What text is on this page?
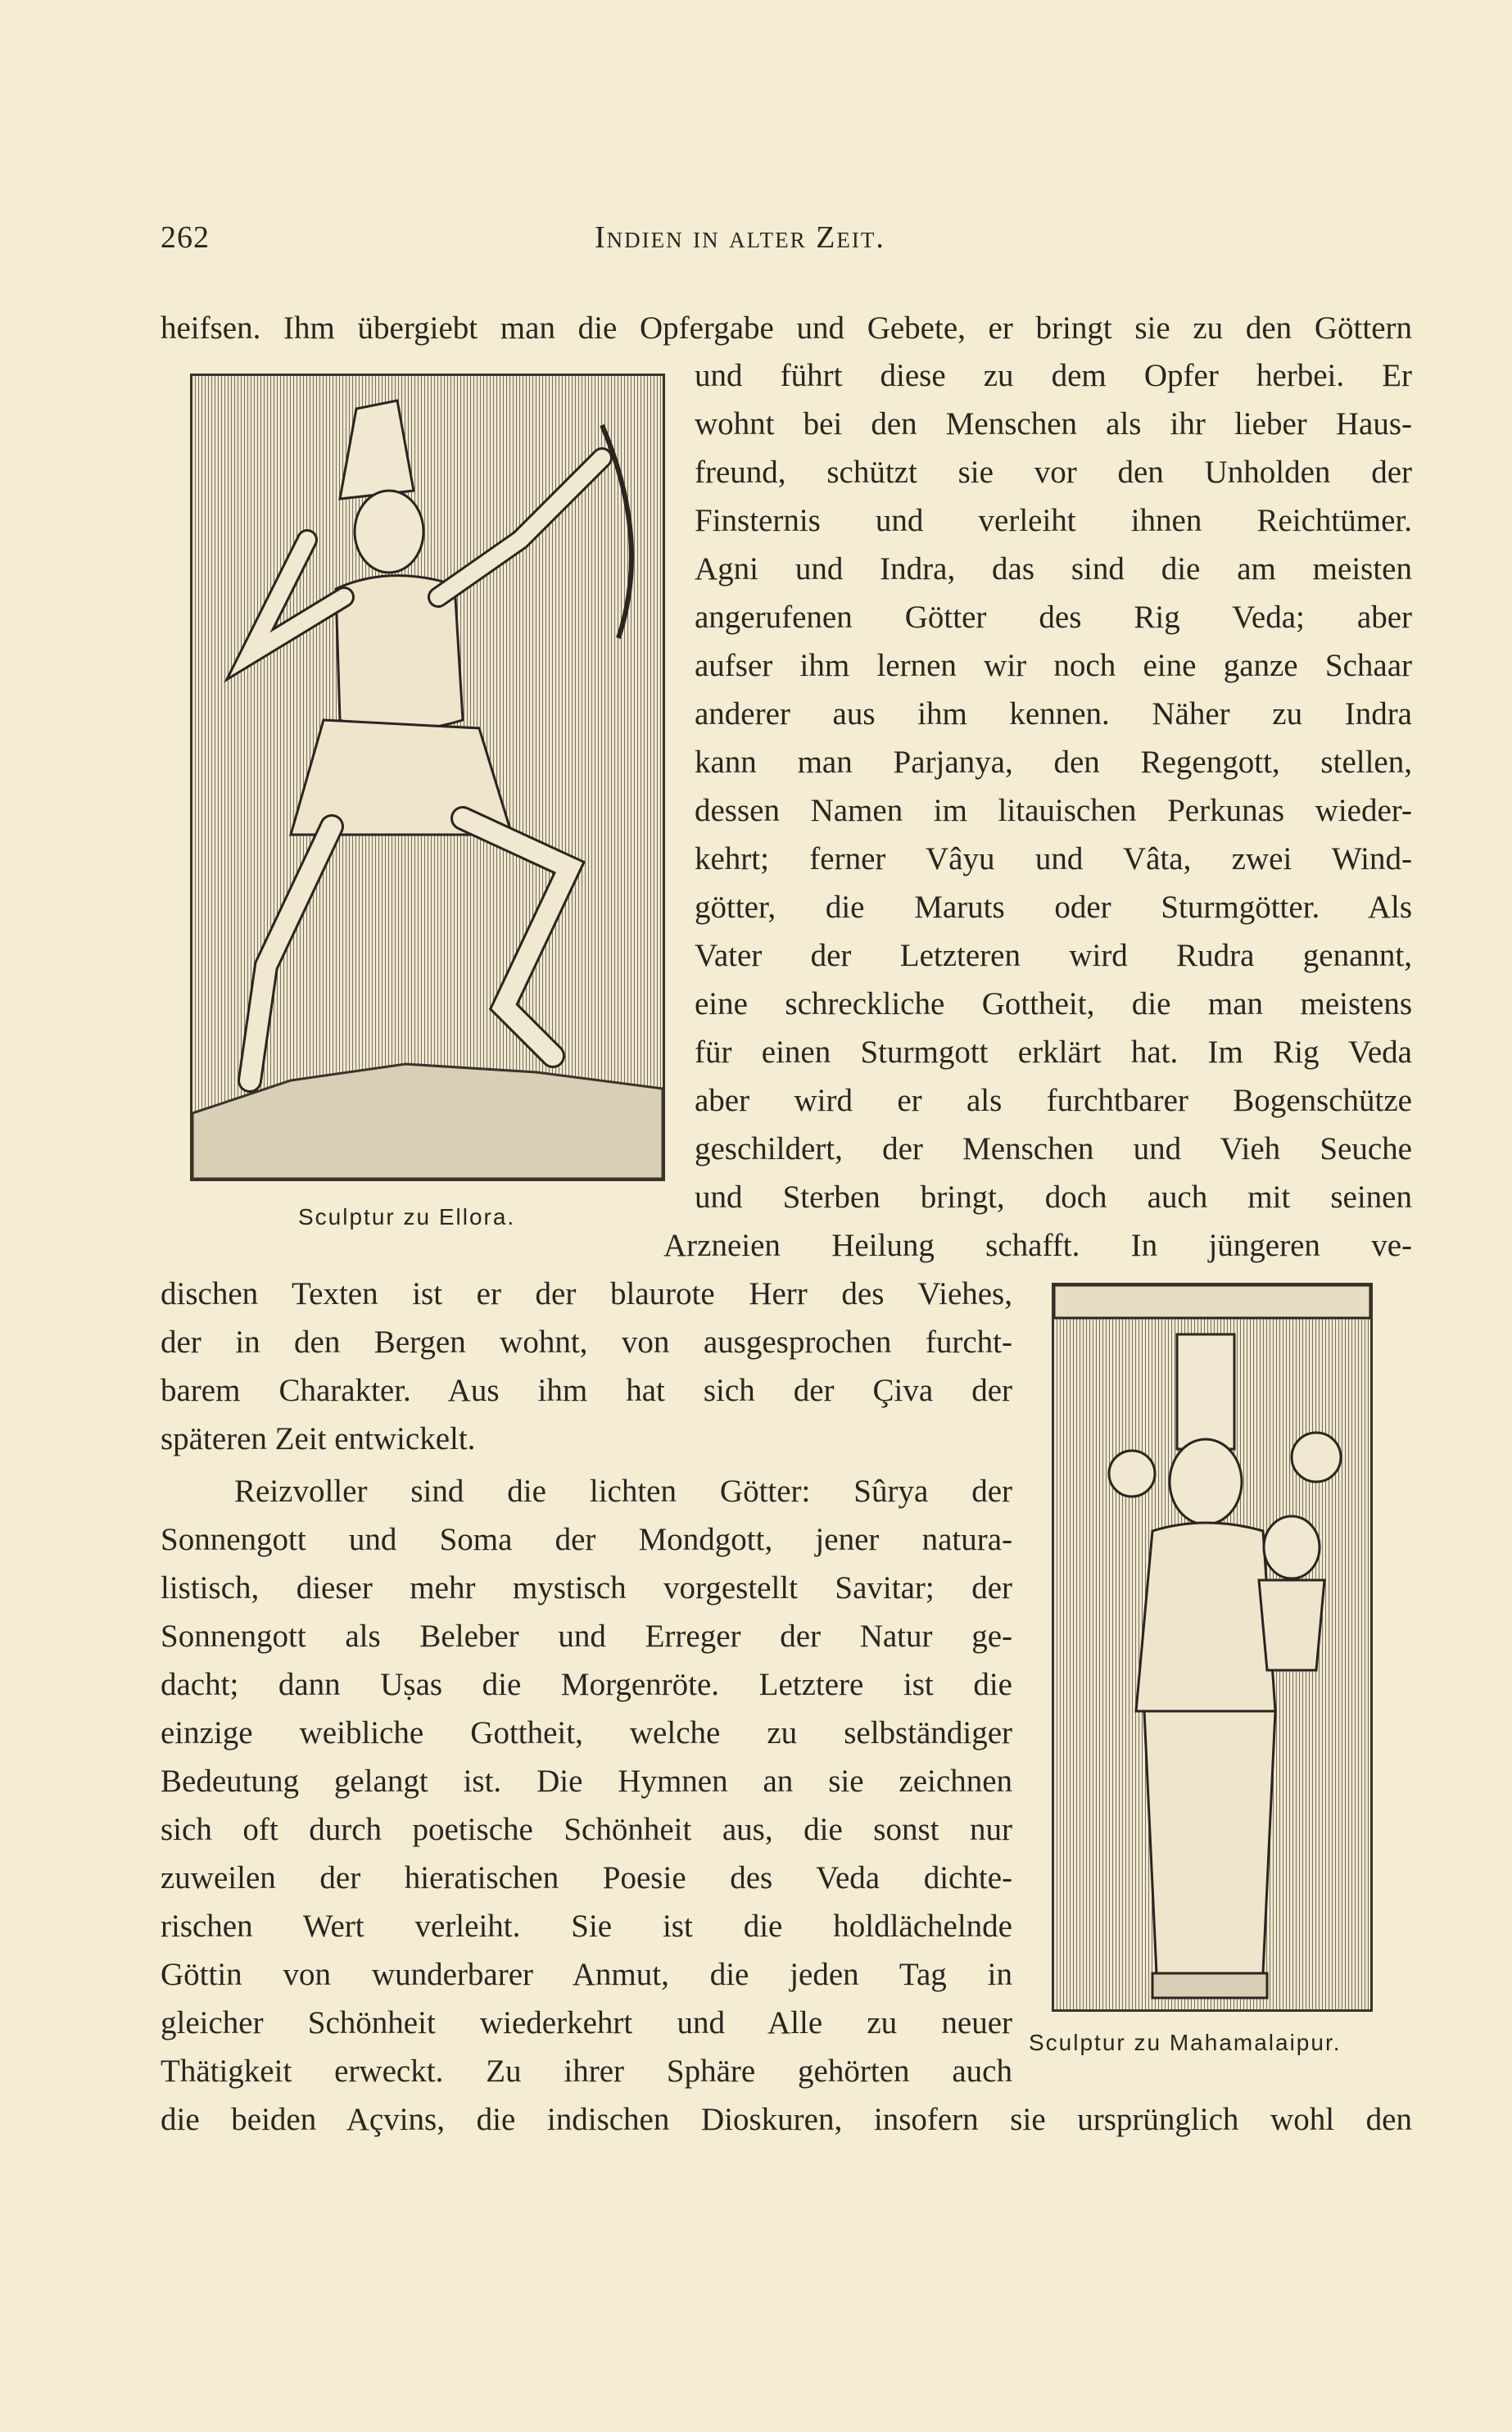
262	Indien in alter Zeit.
Sculptur zu Ellora.
Sculptur zu Mahamalaipur.
heifsen. Ihm übergiebt man die Opfergabe und Gebete, er bringt sie zu den Göttern
und führt diese zu dem Opfer herbei. Er
wohnt bei den Menschen als ihr lieber Haus-
freund, schützt sie vor den Unholden der
Finsternis und verleiht ihnen Reichtümer.
Agni und Indra, das sind die am meisten
angerufenen Götter des Rig Veda; aber
aufser ihm lernen wir noch eine ganze Schaar
anderer aus ihm kennen. Näher zu Indra
kann man Parjanya, den Regengott, stellen,
dessen Namen im litauischen Perkunas wieder-
kehrt; ferner Vâyu und Vâta, zwei Wind-
götter, die Maruts oder Sturmgötter. Als
Vater der Letzteren wird Rudra genannt,
eine schreckliche Gottheit, die man meistens
für einen Sturmgott erklärt hat. Im Rig Veda
aber wird er als furchtbarer Bogenschütze
geschildert, der Menschen und Vieh Seuche
und Sterben bringt, doch auch mit seinen
Arzneien Heilung schafft. In jüngeren ve-
dischen Texten ist er der blaurote Herr des Viehes,
der in den Bergen wohnt, von ausgesprochen furcht-
barem Charakter. Aus ihm hat sich der Çiva der
späteren Zeit entwickelt.
Reizvoller sind die lichten Götter: Sûrya der
Sonnengott und Soma der Mondgott, jener natura-
listisch, dieser mehr mystisch vorgestellt Savitar; der
Sonnengott als Beleber und Erreger der Natur ge-
dacht; dann Uṣas die Morgenröte. Letztere ist die
einzige weibliche Gottheit, welche zu selbständiger
Bedeutung gelangt ist. Die Hymnen an sie zeichnen
sich oft durch poetische Schönheit aus, die sonst nur
zuweilen der hieratischen Poesie des Veda dichte-
rischen Wert verleiht. Sie ist die holdlächelnde
Göttin von wunderbarer Anmut, die jeden Tag in
gleicher Schönheit wiederkehrt und Alle zu neuer
Thätigkeit erweckt. Zu ihrer Sphäre gehörten auch
die beiden Açvins, die indischen Dioskuren, insofern sie ursprünglich wohl den
